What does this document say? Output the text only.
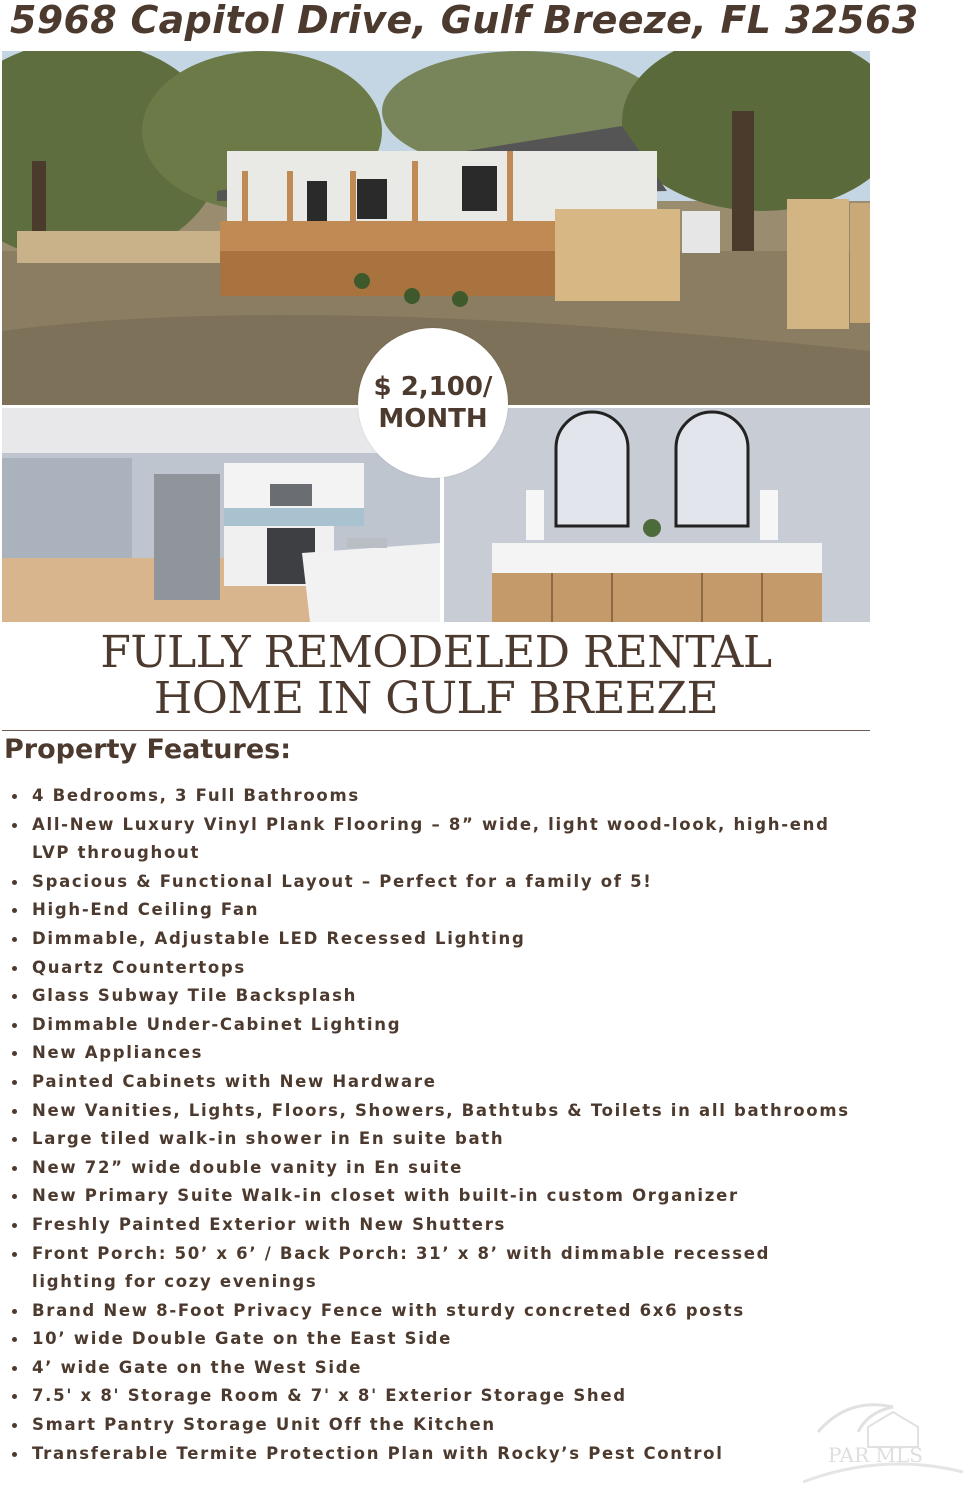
5968 Capitol Drive, Gulf Breeze, FL 32563
$ 2,100/
MONTH
FULLY REMODELED RENTAL
HOME IN GULF BREEZE
Property Features:
4 Bedrooms, 3 Full Bathrooms
All-New Luxury Vinyl Plank Flooring – 8” wide, light wood-look, high-end LVP throughout
Spacious & Functional Layout – Perfect for a family of 5!
High-End Ceiling Fan
Dimmable, Adjustable LED Recessed Lighting
Quartz Countertops
Glass Subway Tile Backsplash
Dimmable Under-Cabinet Lighting
New Appliances
Painted Cabinets with New Hardware
New Vanities, Lights, Floors, Showers, Bathtubs & Toilets in all bathrooms
Large tiled walk-in shower in En suite bath
New 72” wide double vanity in En suite
New Primary Suite Walk-in closet with built-in custom Organizer
Freshly Painted Exterior with New Shutters
Front Porch: 50’ x 6’ / Back Porch: 31’ x 8’ with dimmable recessed lighting for cozy evenings
Brand New 8-Foot Privacy Fence with sturdy concreted 6x6 posts
10’ wide Double Gate on the East Side
4’ wide Gate on the West Side
7.5' x 8' Storage Room & 7' x 8' Exterior Storage Shed
Smart Pantry Storage Unit Off the Kitchen
Transferable Termite Protection Plan with Rocky’s Pest Control	PAR MLS
